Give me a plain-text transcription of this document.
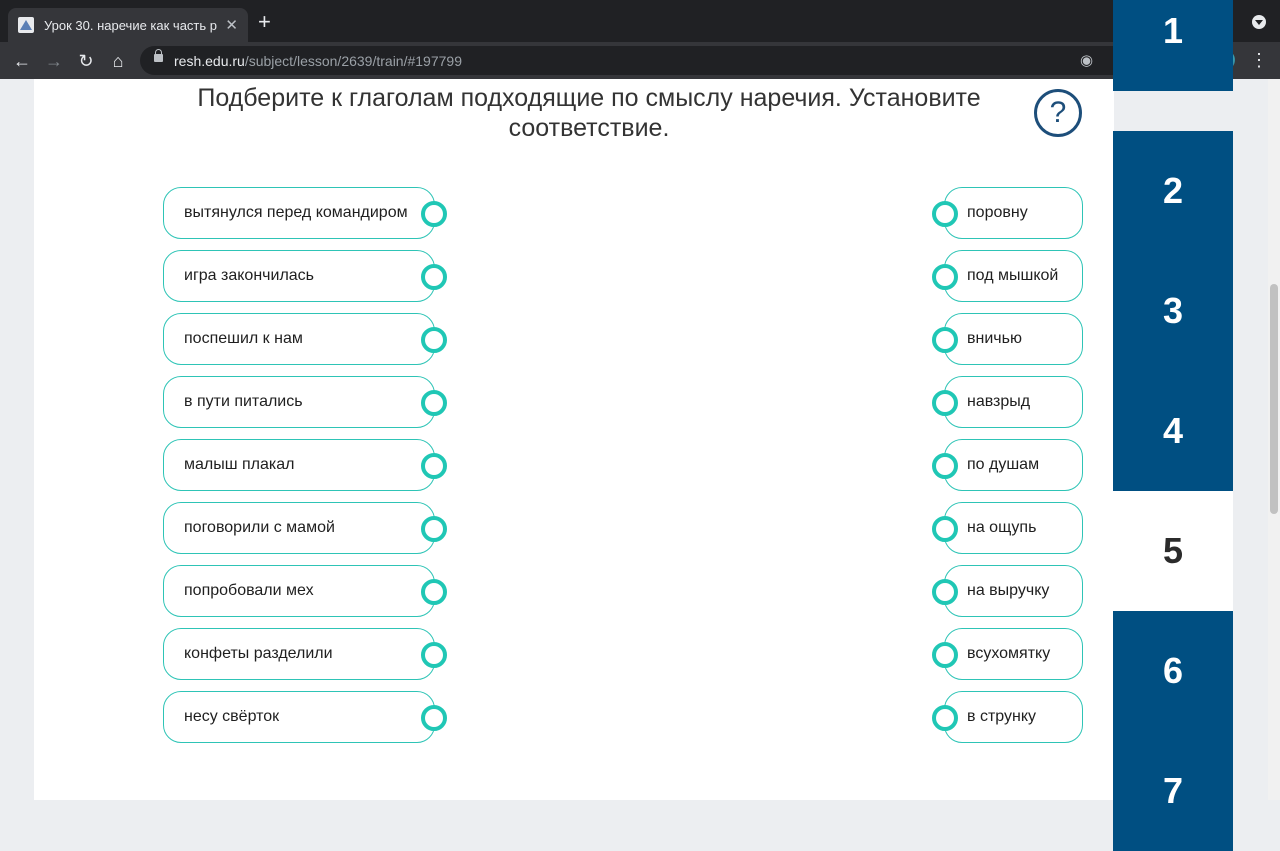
Урок 30. наречие как часть р ✕ +
← → ↻	⌂	resh.edu.ru/subject/lesson/2639/train/#197799	◉	⋮
Подберите к глаголам подходящие по смыслу наречия. Установите соответствие.	?
вытянулся перед командиром
игра закончилась
поспешил к нам
в пути питались
малыш плакал
поговорили с мамой
попробовали мех
конфеты разделили
несу свёрток
поровну
под мышкой
вничью
навзрыд
по душам
на ощупь
на выручку
всухомятку
в струнку
1
2
3
4
5
6
7
